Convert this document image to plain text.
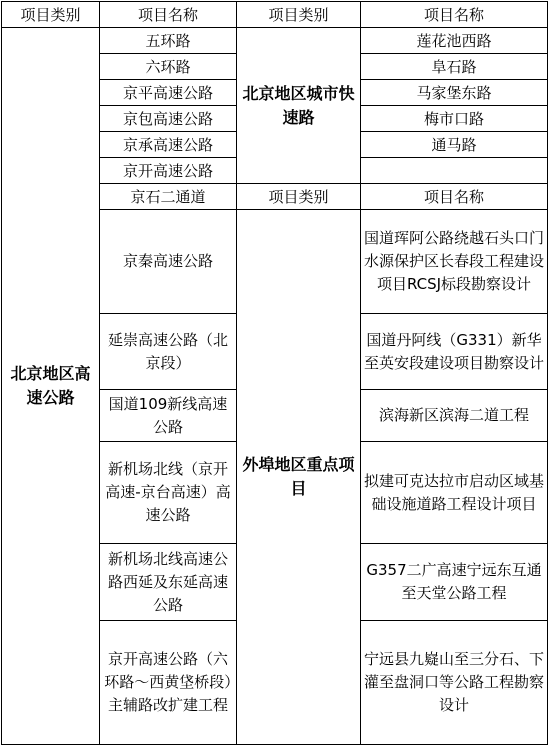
项目类别	项目名称	项目类别	项目名称
北京地区高速公路	五环路	北京地区城市快速路	莲花池西路
	六环路		阜石路
	京平高速公路		马家堡东路
	京包高速公路		梅市口路
	京承高速公路		通马路
	京开高速公路		
	京石二通道	项目类别	项目名称
	京秦高速公路	外埠地区重点项目	国道珲阿公路绕越石头口门水源保护区长春段工程建设项目RCSJ标段勘察设计

	延崇高速公路（北京段）		国道丹阿线（G331）新华至英安段建设项目勘察设计

	国道109新线高速公路		滨海新区滨海二道工程
	新机场北线（京开高速-京台高速）高速公路		拟建可克达拉市启动区域基础设施道路工程设计项目
	新机场北线高速公路西延及东延高速公路		G357二广高速宁远东互通至天堂公路工程
	京开高速公路（六环路～西黄垡桥段）主辅路改扩建工程		宁远县九嶷山至三分石、下灌至盘洞口等公路工程勘察设计
